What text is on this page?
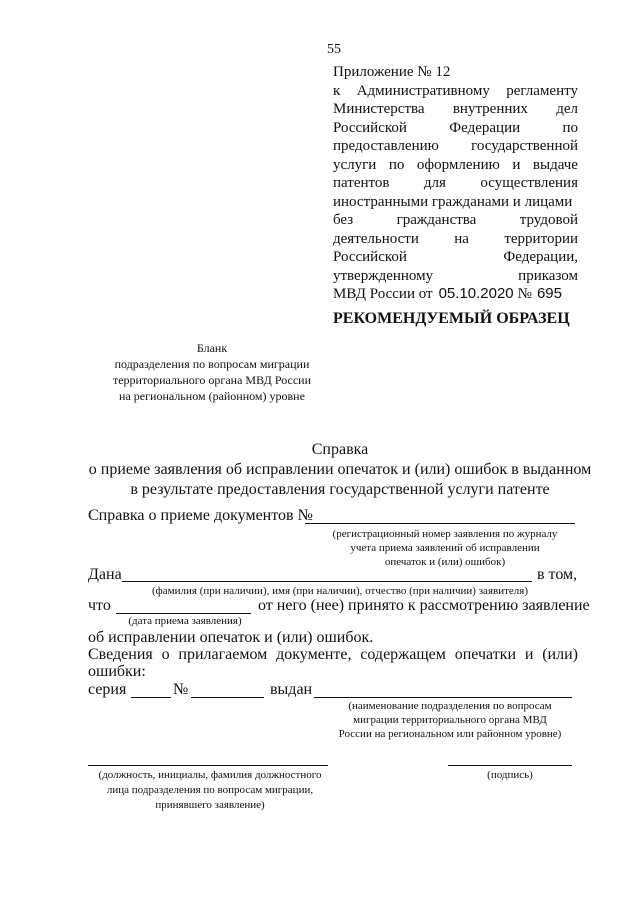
55
Приложение № 12
к Административному регламенту
Министерства внутренних дел
Российской	Федерации	по
предоставлению государственной
услуги по оформлению и выдаче
патентов для осуществления
иностранными гражданами и лицами
без	гражданства	трудовой
деятельности на территории
Российской	Федерации,
утвержденному	приказом
МВД России от 05.10.2020 № 695
РЕКОМЕНДУЕМЫЙ ОБРАЗЕЦ
Бланк
подразделения по вопросам миграции
территориального органа МВД России
на региональном (районном) уровне
Справка
о приеме заявления об исправлении опечаток и (или) ошибок в выданном
в результате предоставления государственной услуги патенте
Справка о приеме документов №
(регистрационный номер заявления по журналу
учета приема заявлений об исправлении
опечаток и (или) ошибок)
Дана	в том,
(фамилия (при наличии), имя (при наличии), отчество (при наличии) заявителя)
что	от него (нее) принято к рассмотрению заявление
(дата приема заявления)
об исправлении опечаток и (или) ошибок.
Сведения о прилагаемом документе, содержащем опечатки и (или)
ошибки:
серия	№	выдан
(наименование подразделения по вопросам
миграции территориального органа МВД
России на региональном или районном уровне)
(должность, инициалы, фамилия должностного
лица подразделения по вопросам миграции,
принявшего заявление)
(подпись)
